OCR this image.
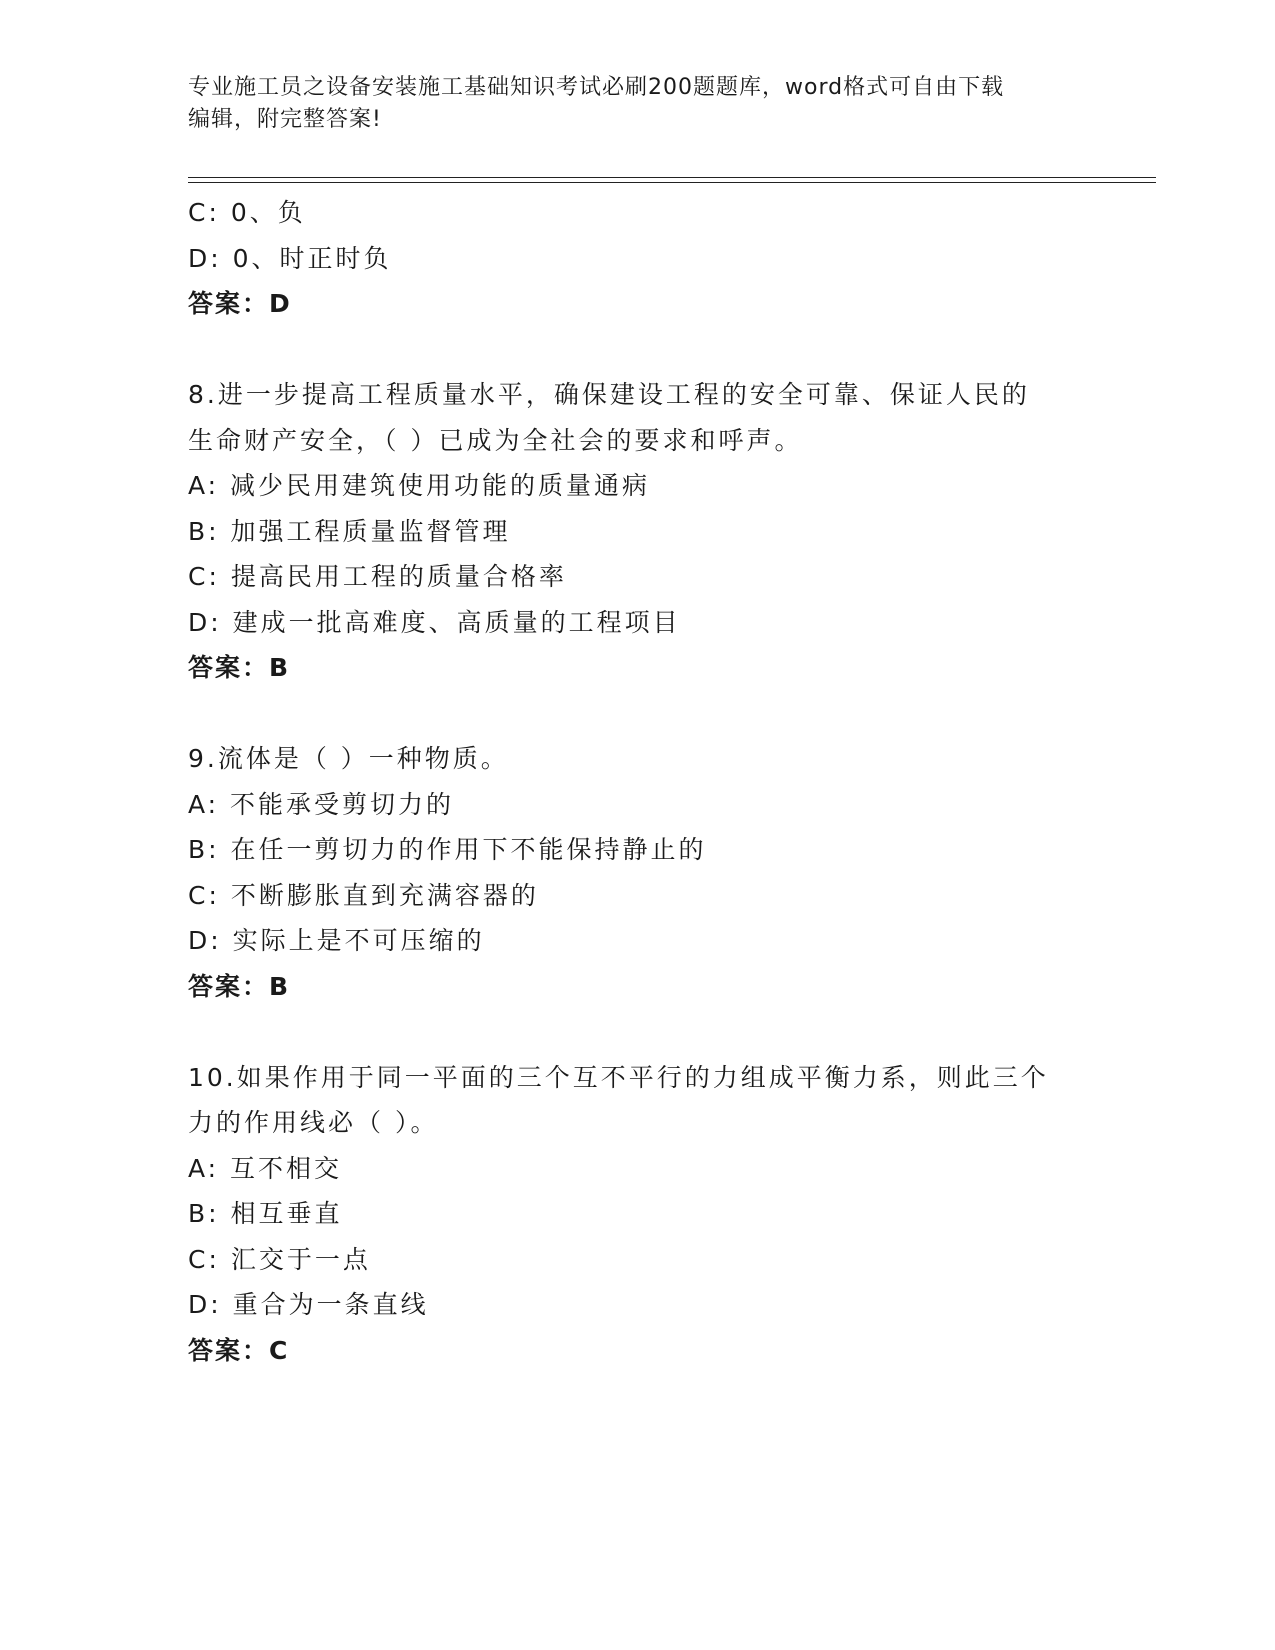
专业施工员之设备安装施工基础知识考试必刷200题题库，word格式可自由下载
编辑，附完整答案!
C: 0、负
D: 0、时正时负
答案：D
8.进一步提高工程质量水平，确保建设工程的安全可靠、保证人民的
生命财产安全，（ ）已成为全社会的要求和呼声。
A: 减少民用建筑使用功能的质量通病
B: 加强工程质量监督管理
C: 提高民用工程的质量合格率
D: 建成一批高难度、高质量的工程项目
答案：B
9.流体是（ ）一种物质。
A: 不能承受剪切力的
B: 在任一剪切力的作用下不能保持静止的
C: 不断膨胀直到充满容器的
D: 实际上是不可压缩的
答案：B
10.如果作用于同一平面的三个互不平行的力组成平衡力系，则此三个
力的作用线必（ ）。
A: 互不相交
B: 相互垂直
C: 汇交于一点
D: 重合为一条直线
答案：C
